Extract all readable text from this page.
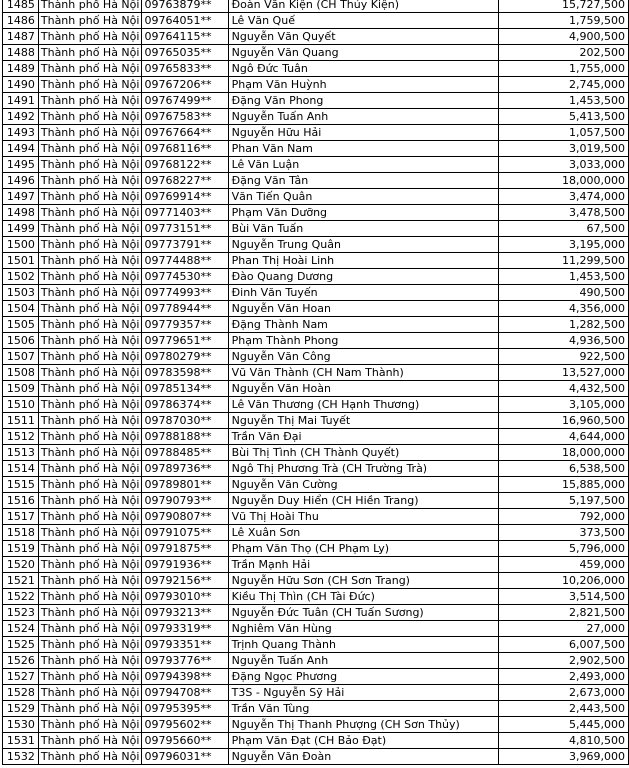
1485	Thành phố Hà Nội	09763879**	Đoàn Văn Kiện (CH Thủy Kiện)	15,727,500
1486	Thành phố Hà Nội	09764051**	Lê Văn Quế	1,759,500
1487	Thành phố Hà Nội	09764115**	Nguyễn Văn Quyết	4,900,500
1488	Thành phố Hà Nội	09765035**	Nguyễn Văn Quang	202,500
1489	Thành phố Hà Nội	09765833**	Ngô Đức Tuân	1,755,000
1490	Thành phố Hà Nội	09767206**	Phạm Văn Huỳnh	2,745,000
1491	Thành phố Hà Nội	09767499**	Đặng Văn Phong	1,453,500
1492	Thành phố Hà Nội	09767583**	Nguyễn Tuấn Anh	5,413,500
1493	Thành phố Hà Nội	09767664**	Nguyễn Hữu Hải	1,057,500
1494	Thành phố Hà Nội	09768116**	Phan Văn Nam	3,019,500
1495	Thành phố Hà Nội	09768122**	Lê Văn Luận	3,033,000
1496	Thành phố Hà Nội	09768227**	Đặng Văn Tân	18,000,000
1497	Thành phố Hà Nội	09769914**	Văn Tiến Quân	3,474,000
1498	Thành phố Hà Nội	09771403**	Phạm Văn Dưỡng	3,478,500
1499	Thành phố Hà Nội	09773151**	Bùi Văn Tuấn	67,500
1500	Thành phố Hà Nội	09773791**	Nguyễn Trung Quân	3,195,000
1501	Thành phố Hà Nội	09774488**	Phan Thị Hoài Linh	11,299,500
1502	Thành phố Hà Nội	09774530**	Đào Quang Dương	1,453,500
1503	Thành phố Hà Nội	09774993**	Đinh Văn Tuyến	490,500
1504	Thành phố Hà Nội	09778944**	Nguyễn Văn Hoan	4,356,000
1505	Thành phố Hà Nội	09779357**	Đặng Thành Nam	1,282,500
1506	Thành phố Hà Nội	09779651**	Phạm Thành Phong	4,936,500
1507	Thành phố Hà Nội	09780279**	Nguyễn Văn Công	922,500
1508	Thành phố Hà Nội	09783598**	Vũ Văn Thành (CH Nam Thành)	13,527,000
1509	Thành phố Hà Nội	09785134**	Nguyễn Văn Hoàn	4,432,500
1510	Thành phố Hà Nội	09786374**	Lê Văn Thương (CH Hạnh Thương)	3,105,000
1511	Thành phố Hà Nội	09787030**	Nguyễn Thị Mai Tuyết	16,960,500
1512	Thành phố Hà Nội	09788188**	Trần Văn Đại	4,644,000
1513	Thành phố Hà Nội	09788485**	Bùi Thị Tình (CH Thành Quyết)	18,000,000
1514	Thành phố Hà Nội	09789736**	Ngô Thị Phương Trà (CH Trường Trà)	6,538,500
1515	Thành phố Hà Nội	09789801**	Nguyễn Văn Cường	15,885,000
1516	Thành phố Hà Nội	09790793**	Nguyễn Duy Hiển (CH Hiền Trang)	5,197,500
1517	Thành phố Hà Nội	09790807**	Vũ Thị Hoài Thu	792,000
1518	Thành phố Hà Nội	09791075**	Lê Xuân Sơn	373,500
1519	Thành phố Hà Nội	09791875**	Phạm Văn Thọ (CH Phạm Ly)	5,796,000
1520	Thành phố Hà Nội	09791936**	Trần Mạnh Hải	459,000
1521	Thành phố Hà Nội	09792156**	Nguyễn Hữu Sơn (CH Sơn Trang)	10,206,000
1522	Thành phố Hà Nội	09793010**	Kiều Thị Thìn (CH Tài Đức)	3,514,500
1523	Thành phố Hà Nội	09793213**	Nguyễn Đức Tuân (CH Tuấn Sương)	2,821,500
1524	Thành phố Hà Nội	09793319**	Nghiêm Văn Hùng	27,000
1525	Thành phố Hà Nội	09793351**	Trịnh Quang Thành	6,007,500
1526	Thành phố Hà Nội	09793776**	Nguyễn Tuấn Anh	2,902,500
1527	Thành phố Hà Nội	09794398**	Đặng Ngọc Phương	2,493,000
1528	Thành phố Hà Nội	09794708**	T3S - Nguyễn Sỹ Hải	2,673,000
1529	Thành phố Hà Nội	09795395**	Trần Văn Tùng	2,443,500
1530	Thành phố Hà Nội	09795602**	Nguyễn Thị Thanh Phượng (CH Sơn Thủy)	5,445,000
1531	Thành phố Hà Nội	09795660**	Phạm Văn Đạt (CH Bảo Đạt)	4,810,500
1532	Thành phố Hà Nội	09796031**	Nguyễn Văn Đoàn	3,969,000
